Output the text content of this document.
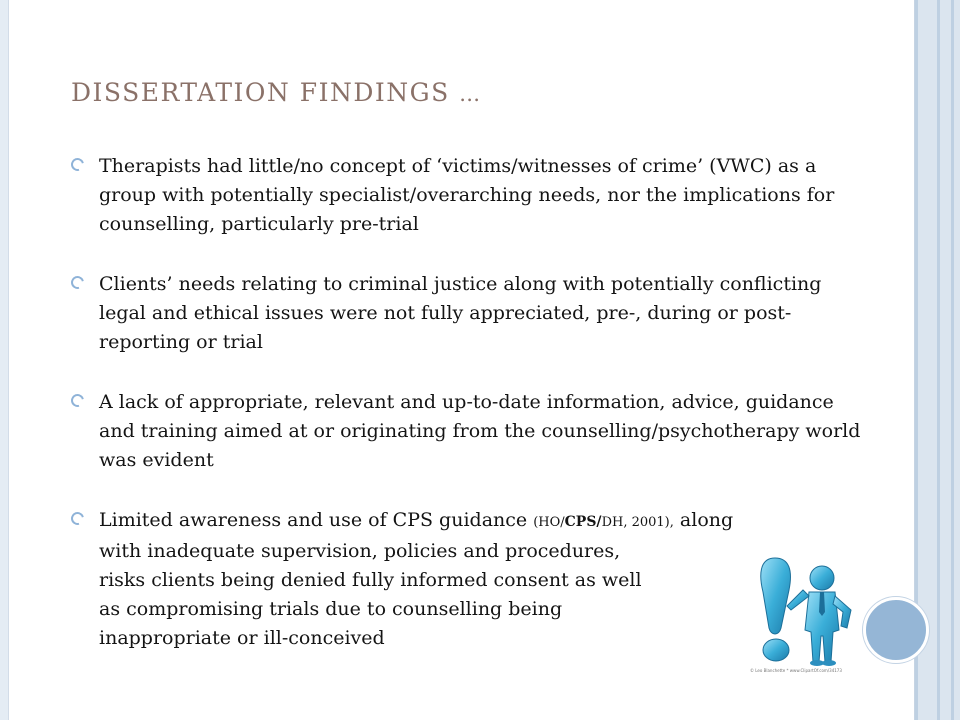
DISSERTATION FINDINGS …

Therapists had little/no concept of ‘victims/witnesses of crime’ (VWC) as a group with potentially specialist/overarching needs, nor the implications for counselling, particularly pre-trial

Clients’ needs relating to criminal justice along with potentially conflicting legal and ethical issues were not fully appreciated, pre-, during or post-reporting or trial

A lack of appropriate, relevant and up-to-date information, advice, guidance and training aimed at or originating from the counselling/psychotherapy world was evident

Limited awareness and use of CPS guidance (HO/CPS/DH, 2001), along
with inadequate supervision, policies and procedures,
risks clients being denied fully informed consent as well
as compromising trials due to counselling being
inappropriate or ill-conceived

© Leo Blanchette * www.ClipartOf.com/34173
